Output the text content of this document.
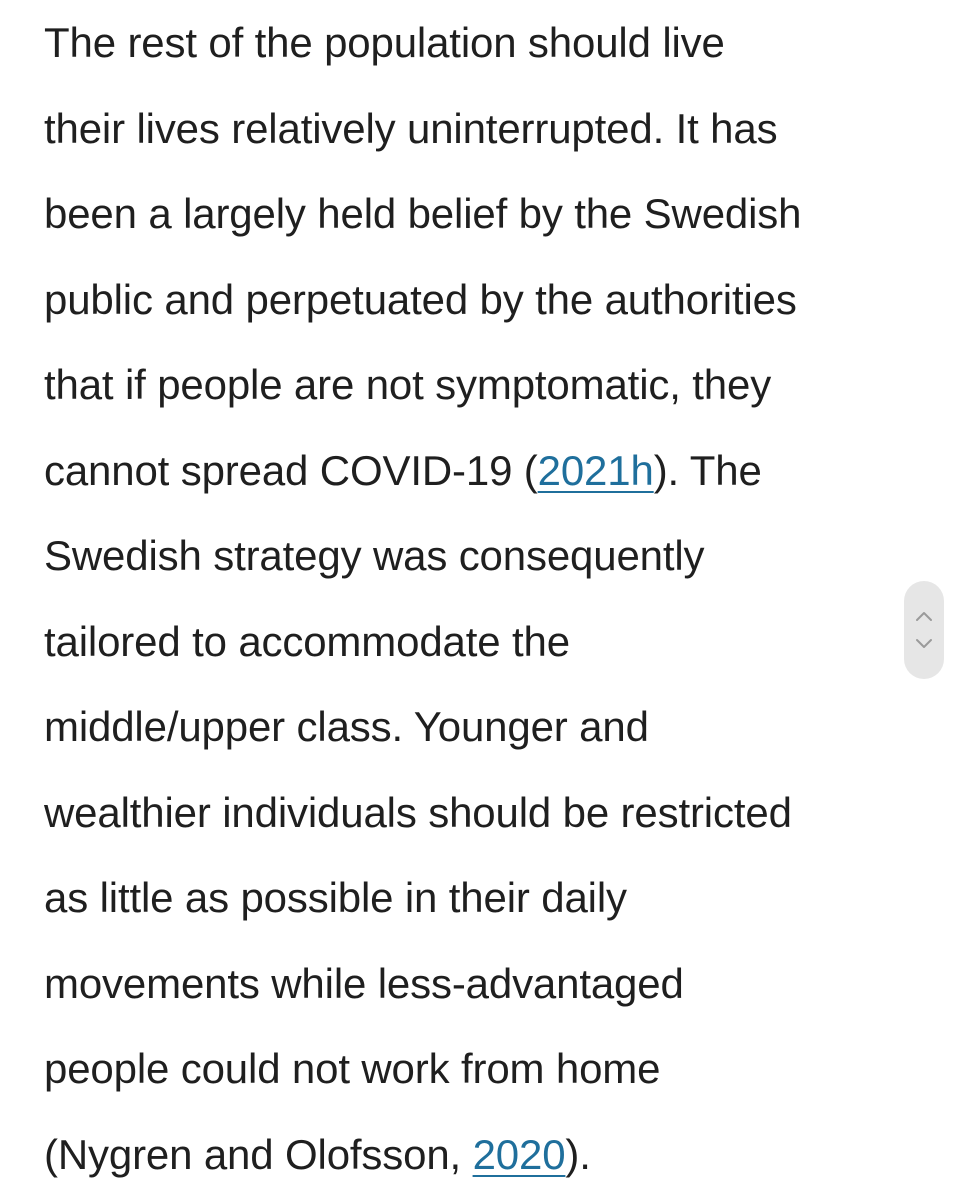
The rest of the population should live
their lives relatively uninterrupted. It has
been a largely held belief by the Swedish
public and perpetuated by the authorities
that if people are not symptomatic, they
cannot spread COVID-19 (2021h). The
Swedish strategy was consequently
tailored to accommodate the
middle/upper class. Younger and
wealthier individuals should be restricted
as little as possible in their daily
movements while less-advantaged
people could not work from home
(Nygren and Olofsson, 2020).
